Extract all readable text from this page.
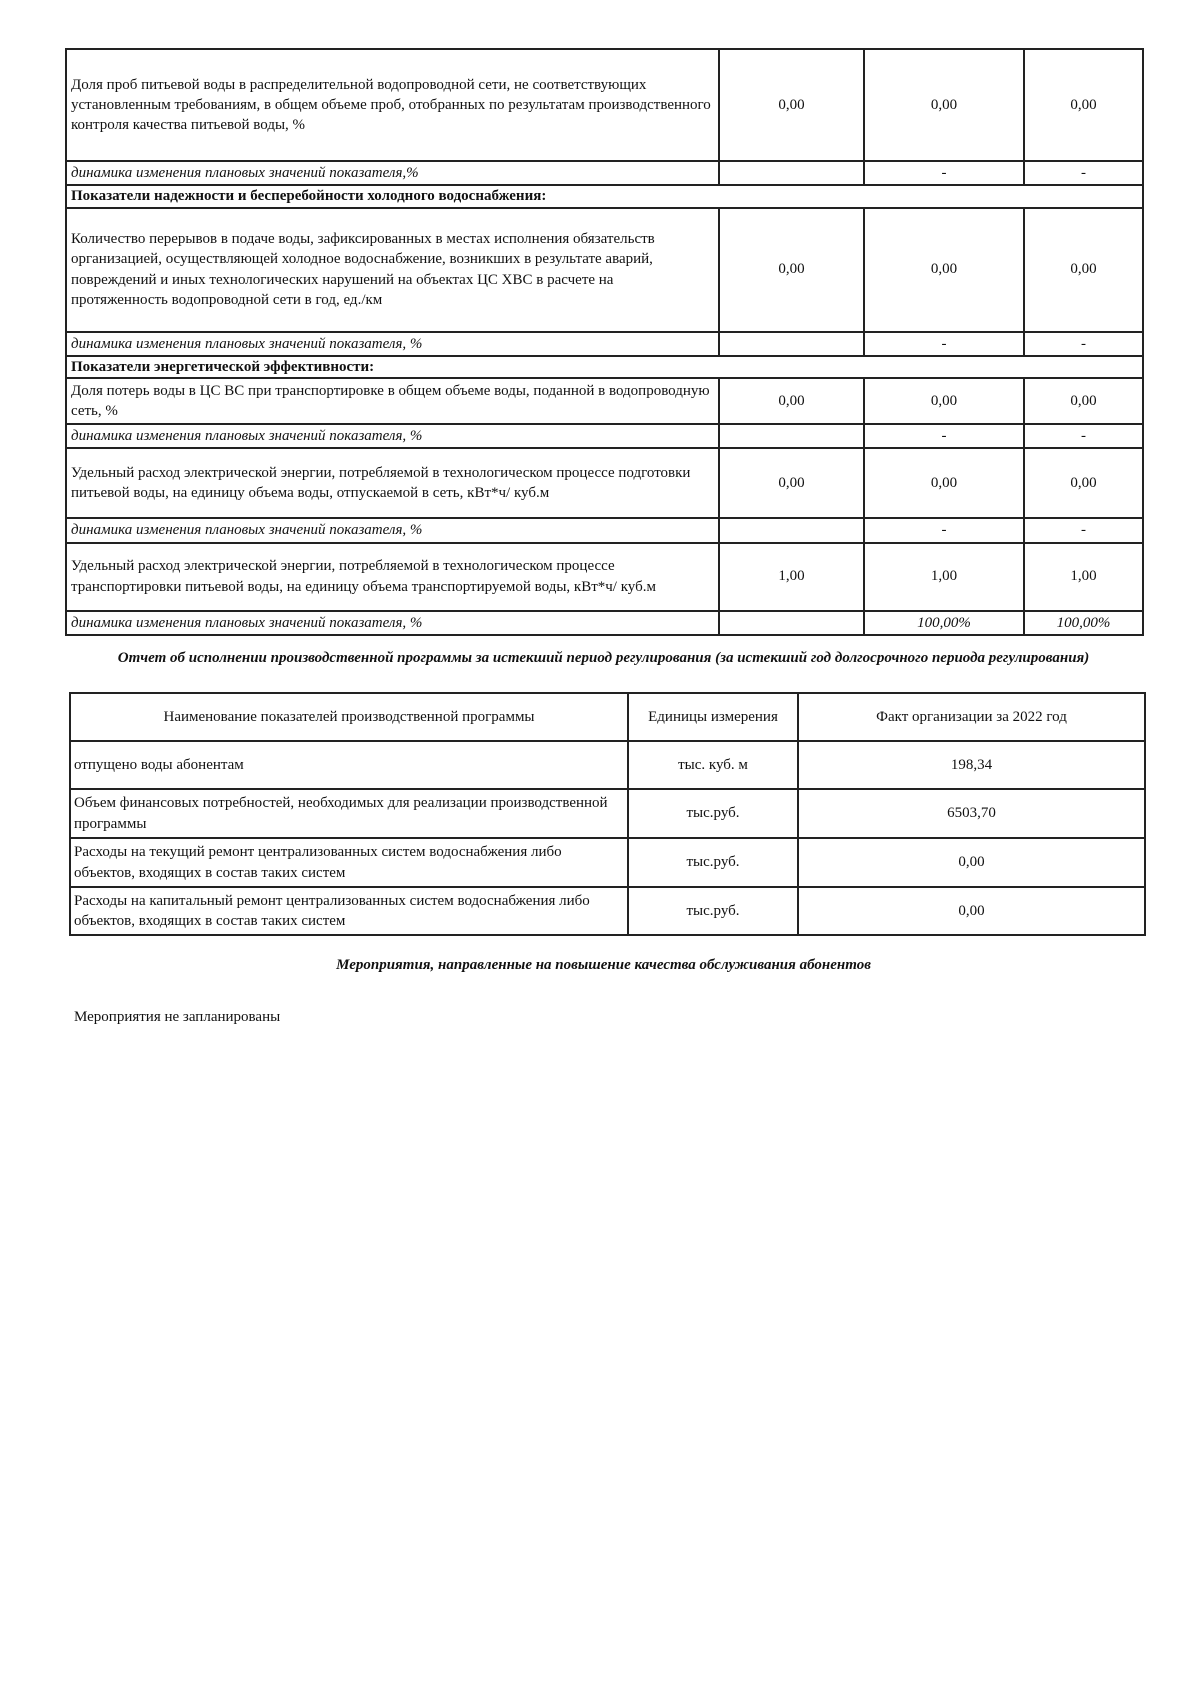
Доля проб питьевой воды в распределительной водопроводной сети, не соответствующих установленным требованиям, в общем объеме проб, отобранных по результатам производственного контроля качества питьевой воды, %	0,00	0,00	0,00
динамика изменения плановых значений показателя,%		-	-
Показатели надежности и бесперебойности холодного водоснабжения:			
Количество перерывов в подаче воды, зафиксированных в местах исполнения обязательств организацией, осуществляющей холодное водоснабжение, возникших в результате аварий, повреждений и иных технологических нарушений на объектах ЦС ХВС в расчете на протяженность водопроводной сети в год, ед./км	0,00	0,00	0,00
динамика изменения плановых значений показателя, %		-	-
Показатели энергетической эффективности:			
Доля потерь воды в ЦС ВС при транспортировке в общем объеме воды, поданной в водопроводную сеть, %	0,00	0,00	0,00
динамика изменения плановых значений показателя, %		-	-
Удельный расход электрической энергии, потребляемой в технологическом процессе подготовки питьевой воды, на единицу объема воды, отпускаемой в сеть, кВт*ч/ куб.м	0,00	0,00	0,00
динамика изменения плановых значений показателя, %		-	-
Удельный расход электрической энергии, потребляемой в технологическом процессе транспортировки питьевой воды, на единицу объема транспортируемой воды, кВт*ч/ куб.м	1,00	1,00	1,00
динамика изменения плановых значений показателя, %		100,00%	100,00%
Отчет об исполнении производственной программы за истекший период регулирования (за истекший год долгосрочного периода регулирования)
Наименование показателей производственной программы	Единицы измерения	Факт организации за 2022 год
отпущено воды абонентам	тыс. куб. м	198,34
Объем финансовых потребностей, необходимых для реализации производственной программы	тыс.руб.	6503,70
Расходы на текущий ремонт централизованных систем водоснабжения либо объектов, входящих в состав таких систем	тыс.руб.	0,00
Расходы на капитальный ремонт централизованных систем водоснабжения либо объектов, входящих в состав таких систем	тыс.руб.	0,00
Мероприятия, направленные на повышение качества обслуживания абонентов
Мероприятия не запланированы
